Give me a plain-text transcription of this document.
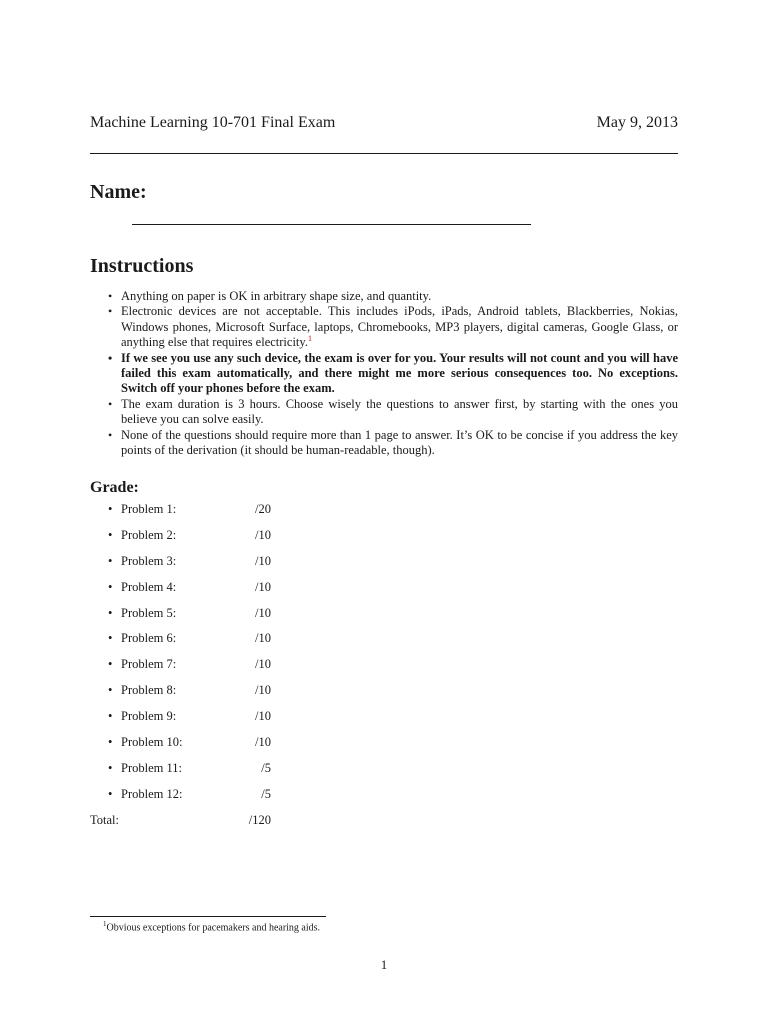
Machine Learning 10-701 Final Exam	May 9, 2013
Name:
Instructions
• Anything on paper is OK in arbitrary shape size, and quantity.
• Electronic devices are not acceptable. This includes iPods, iPads, Android tablets, Blackberries, Nokias, Windows phones, Microsoft Surface, laptops, Chromebooks, MP3 players, digital cameras, Google Glass, or anything else that requires electricity.$^1$
• If we see you use any such device, the exam is over for you. Your results will not count and you will have failed this exam automatically, and there might me more serious consequences too. No exceptions. Switch off your phones before the exam.
• The exam duration is 3 hours. Choose wisely the questions to answer first, by starting with the ones you believe you can solve easily.
• None of the questions should require more than 1 page to answer. It’s OK to be concise if you address the key points of the derivation (it should be human-readable, though).
Grade:
• Problem 1:	/20
• Problem 2:	/10
• Problem 3:	/10
• Problem 4:	/10
• Problem 5:	/10
• Problem 6:	/10
• Problem 7:	/10
• Problem 8:	/10
• Problem 9:	/10
• Problem 10:	/10
• Problem 11:	/5
• Problem 12:	/5
Total:	/120
$^1$Obvious exceptions for pacemakers and hearing aids.
1
